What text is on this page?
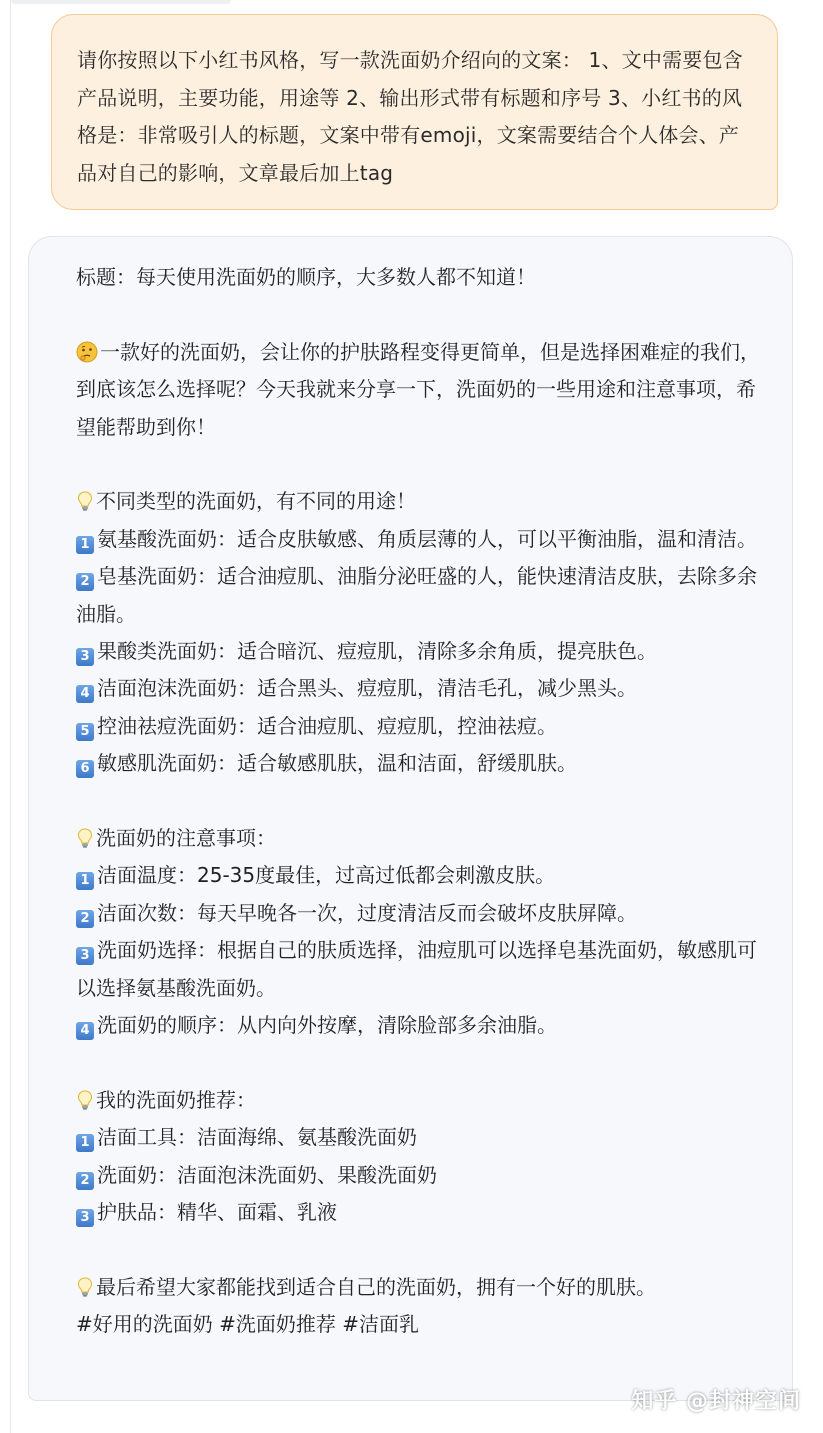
请你按照以下小红书风格，写一款洗面奶介绍向的文案： 1、文中需要包含产品说明，主要功能，用途等 2、输出形式带有标题和序号 3、小红书的风格是：非常吸引人的标题，文案中带有emoji，文案需要结合个人体会、产品对自己的影响，文章最后加上tag

标题：每天使用洗面奶的顺序，大多数人都不知道！

一款好的洗面奶，会让你的护肤路程变得更简单，但是选择困难症的我们，到底该怎么选择呢？今天我就来分享一下，洗面奶的一些用途和注意事项，希望能帮助到你！

不同类型的洗面奶，有不同的用途！

1 氨基酸洗面奶：适合皮肤敏感、角质层薄的人，可以平衡油脂，温和清洁。

2 皂基洗面奶：适合油痘肌、油脂分泌旺盛的人，能快速清洁皮肤，去除多余油脂。

3 果酸类洗面奶：适合暗沉、痘痘肌，清除多余角质，提亮肤色。

4 洁面泡沫洗面奶：适合黑头、痘痘肌，清洁毛孔，减少黑头。

5 控油祛痘洗面奶：适合油痘肌、痘痘肌，控油祛痘。

6 敏感肌洗面奶：适合敏感肌肤，温和洁面，舒缓肌肤。

洗面奶的注意事项：

1 洁面温度：25-35度最佳，过高过低都会刺激皮肤。

2 洁面次数：每天早晚各一次，过度清洁反而会破坏皮肤屏障。

3 洗面奶选择：根据自己的肤质选择，油痘肌可以选择皂基洗面奶，敏感肌可以选择氨基酸洗面奶。

4 洗面奶的顺序：从内向外按摩，清除脸部多余油脂。

我的洗面奶推荐：

1 洁面工具：洁面海绵、氨基酸洗面奶

2 洗面奶：洁面泡沫洗面奶、果酸洗面奶

3 护肤品：精华、面霜、乳液

最后希望大家都能找到适合自己的洗面奶，拥有一个好的肌肤。

#好用的洗面奶 #洗面奶推荐 #洁面乳

知乎 @封神空间
